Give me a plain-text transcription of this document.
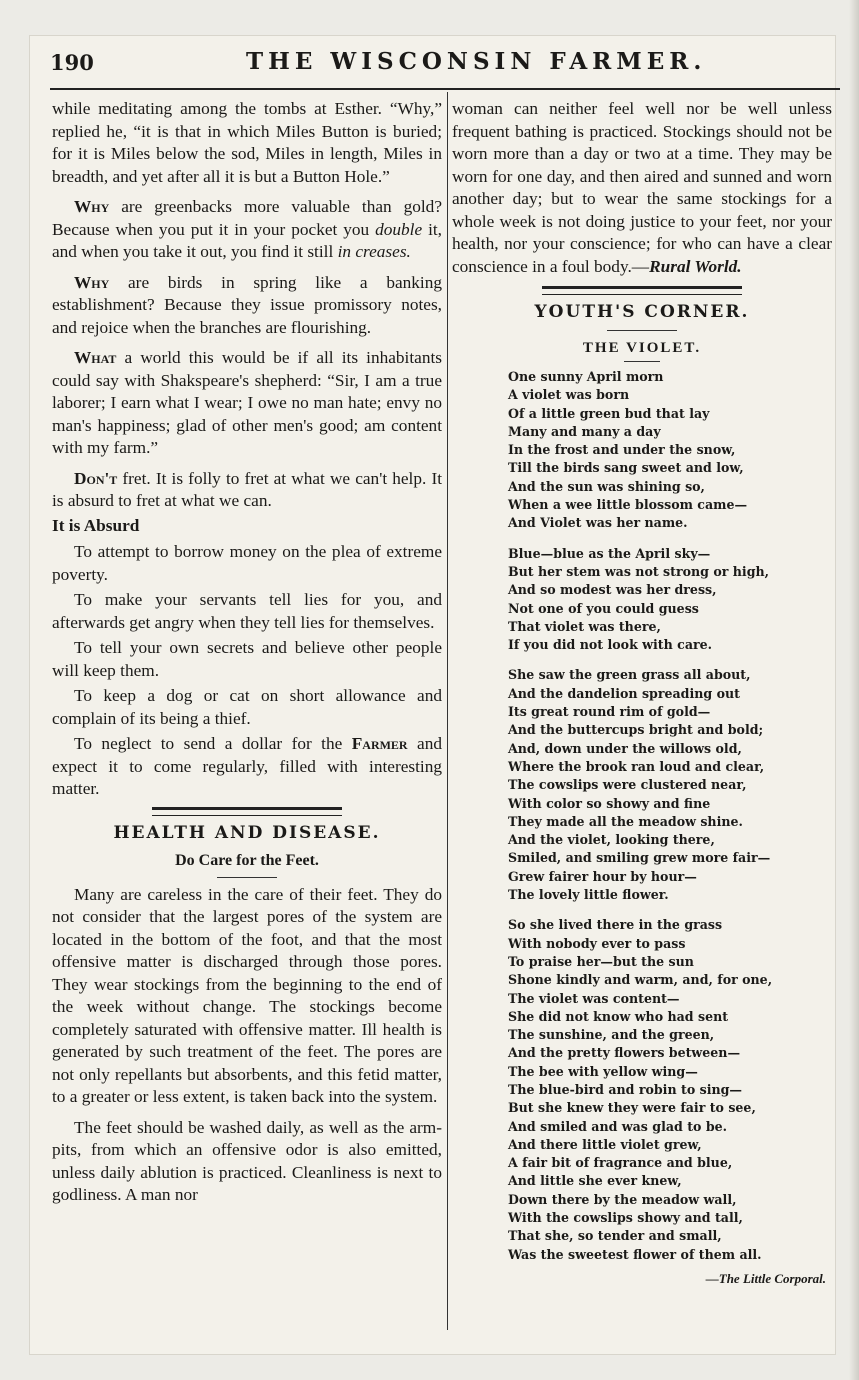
190	THE WISCONSIN FARMER.

while meditating among the tombs at Esther. “Why,” replied he, “it is that in which Miles Button is buried; for it is Miles below the sod, Miles in length, Miles in breadth, and yet after all it is but a Button Hole.”

Why are greenbacks more valuable than gold? Because when you put it in your pocket you double it, and when you take it out, you find it still in creases.

Why are birds in spring like a banking establishment? Because they issue promissory notes, and rejoice when the branches are flourishing.

What a world this would be if all its inhabitants could say with Shakspeare's shepherd: “Sir, I am a true laborer; I earn what I wear; I owe no man hate; envy no man's happiness; glad of other men's good; am content with my farm.”

Don't fret. It is folly to fret at what we can't help. It is absurd to fret at what we can.

It is Absurd

To attempt to borrow money on the plea of extreme poverty.

To make your servants tell lies for you, and afterwards get angry when they tell lies for themselves.

To tell your own secrets and believe other people will keep them.

To keep a dog or cat on short allowance and complain of its being a thief.

To neglect to send a dollar for the Farmer and expect it to come regularly, filled with interesting matter.

HEALTH AND DISEASE.
Do Care for the Feet.

Many are careless in the care of their feet. They do not consider that the largest pores of the system are located in the bottom of the foot, and that the most offensive matter is discharged through those pores. They wear stockings from the beginning to the end of the week without change. The stockings become completely saturated with offensive matter. Ill health is generated by such treatment of the feet. The pores are not only repellants but absorbents, and this fetid matter, to a greater or less extent, is taken back into the system.

The feet should be washed daily, as well as the arm-pits, from which an offensive odor is also emitted, unless daily ablution is practiced. Cleanliness is next to godliness. A man nor

woman can neither feel well nor be well unless frequent bathing is practiced. Stockings should not be worn more than a day or two at a time. They may be worn for one day, and then aired and sunned and worn another day; but to wear the same stockings for a whole week is not doing justice to your feet, nor your health, nor your conscience; for who can have a clear conscience in a foul body.—Rural World.

YOUTH'S CORNER.
THE VIOLET.
One sunny April morn
A violet was born
Of a little green bud that lay
Many and many a day
In the frost and under the snow,
Till the birds sang sweet and low,
And the sun was shining so,
When a wee little blossom came—
And Violet was her name.
Blue—blue as the April sky—
But her stem was not strong or high,
And so modest was her dress,
Not one of you could guess
That violet was there,
If you did not look with care.
She saw the green grass all about,
And the dandelion spreading out
Its great round rim of gold—
And the buttercups bright and bold;
And, down under the willows old,
Where the brook ran loud and clear,
The cowslips were clustered near,
With color so showy and fine
They made all the meadow shine.
And the violet, looking there,
Smiled, and smiling grew more fair—
Grew fairer hour by hour—
The lovely little flower.
So she lived there in the grass
With nobody ever to pass
To praise her—but the sun
Shone kindly and warm, and, for one,
The violet was content—
She did not know who had sent
The sunshine, and the green,
And the pretty flowers between—
The bee with yellow wing—
The blue-bird and robin to sing—
But she knew they were fair to see,
And smiled and was glad to be.
And there little violet grew,
A fair bit of fragrance and blue,
And little she ever knew,
Down there by the meadow wall,
With the cowslips showy and tall,
That she, so tender and small,
Was the sweetest flower of them all.
—The Little Corporal.
